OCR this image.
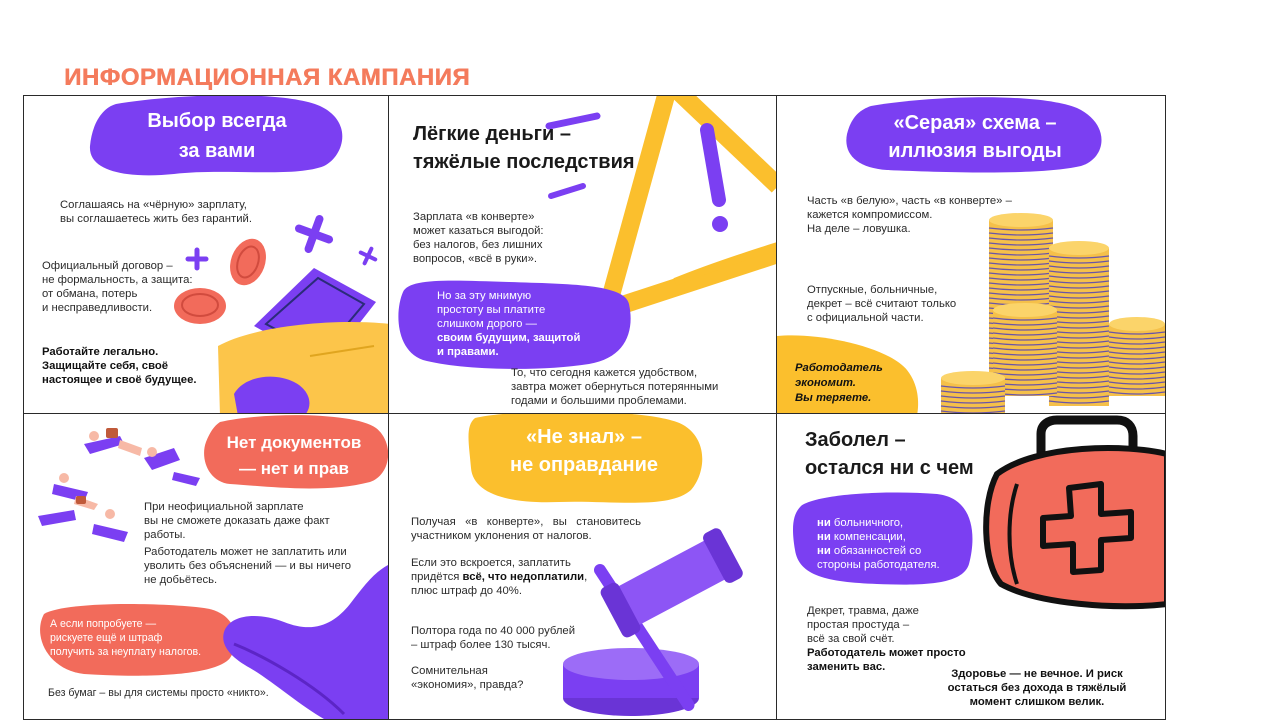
ИНФОРМАЦИОННАЯ КАМПАНИЯ
Выбор всегда
за вами
Соглашаясь на «чёрную» зарплату,
вы соглашаетесь жить без гарантий.
Официальный договор –
не формальность, а защита:
от обмана, потерь
и несправедливости.
Работайте легально.
Защищайте себя, своё
настоящее и своё будущее.
Лёгкие деньги –
тяжёлые последствия
Зарплата «в конверте»
может казаться выгодой:
без налогов, без лишних
вопросов, «всё в руки».
Но за эту мнимую
простоту вы платите
слишком дорого —
своим будущим, защитой
и правами.
То, что сегодня кажется удобством,
завтра может обернуться потерянными
годами и большими проблемами.
«Серая» схема –
иллюзия выгоды
Часть «в белую», часть «в конверте» –
кажется компромиссом.
На деле – ловушка.
Отпускные, больничные,
декрет – всё считают только
с официальной части.
Работодатель
экономит.
Вы теряете.
Нет документов
— нет и прав
При неофициальной зарплате
вы не сможете доказать даже факт
работы.
Работодатель может не заплатить или
уволить без объяснений — и вы ничего
не добьётесь.
А если попробуете —
рискуете ещё и штраф
получить за неуплату налогов.
Без бумаг – вы для системы просто «никто».
«Не знал» –
не оправдание
Получая   «в   конверте»,   вы   становитесь
участником уклонения от налогов.
Если это вскроется, заплатить
придётся всё, что недоплатили,
плюс штраф до 40%.
Полтора года по 40 000 рублей
– штраф более 130 тысяч.
Сомнительная
«экономия», правда?
Заболел –
остался ни с чем
ни больничного,
ни компенсации,
ни обязанностей со
стороны работодателя.
Декрет, травма, даже
простая простуда –
всё за свой счёт.
Работодатель может просто
заменить вас.
Здоровье — не вечное. И риск
остаться без дохода в тяжёлый
момент слишком велик.
